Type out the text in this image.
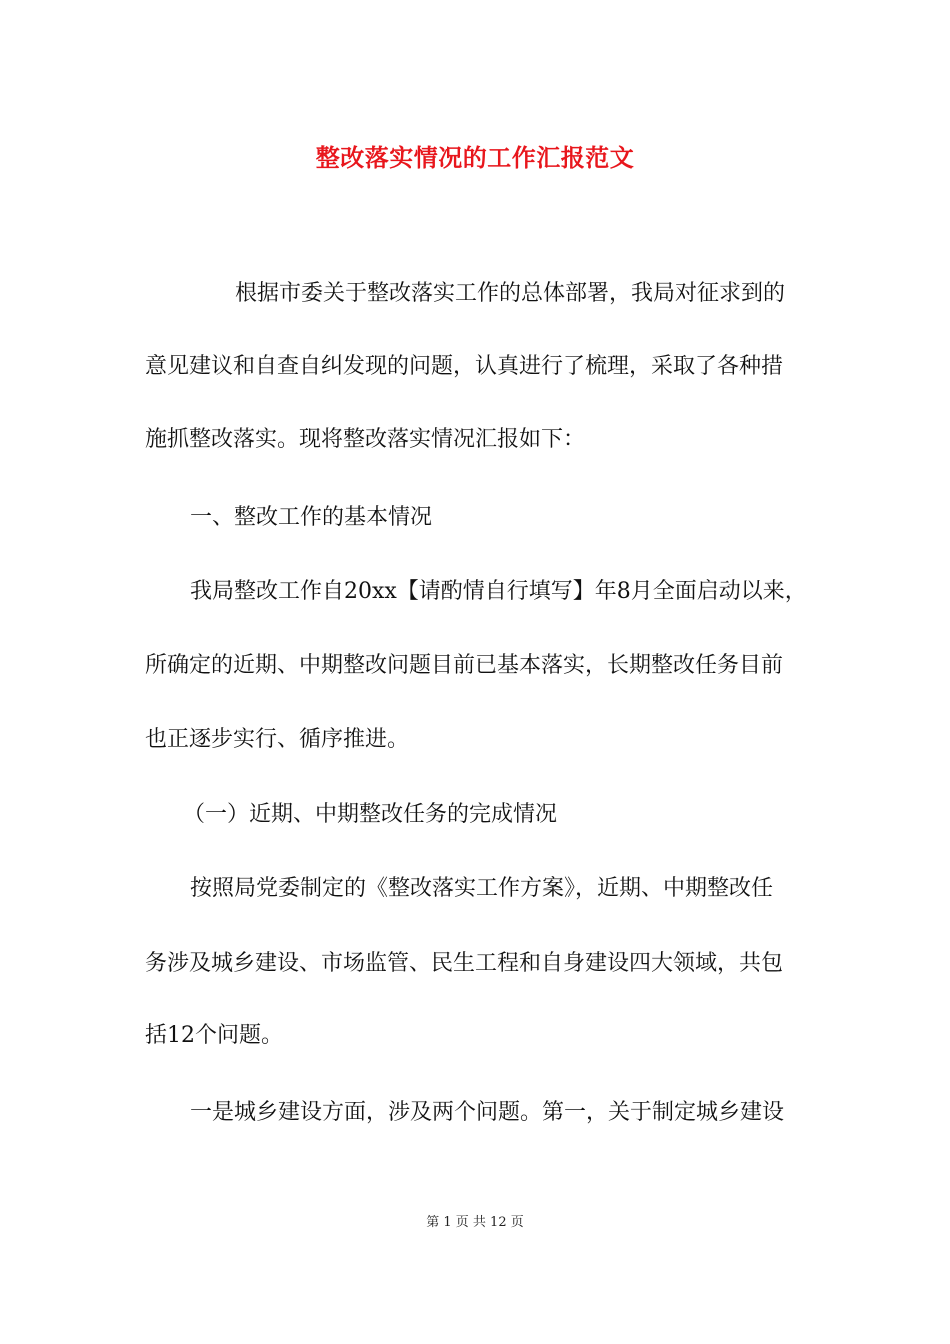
整改落实情况的工作汇报范文
根据市委关于整改落实工作的总体部署，我局对征求到的
意见建议和自查自纠发现的问题，认真进行了梳理，采取了各种措
施抓整改落实。现将整改落实情况汇报如下：
一、整改工作的基本情况
我局整改工作自20xx【请酌情自行填写】年8月全面启动以来，
所确定的近期、中期整改问题目前已基本落实，长期整改任务目前
也正逐步实行、循序推进。
（一）近期、中期整改任务的完成情况
按照局党委制定的《整改落实工作方案》，近期、中期整改任
务涉及城乡建设、市场监管、民生工程和自身建设四大领域，共包
括12个问题。
一是城乡建设方面，涉及两个问题。第一，关于制定城乡建设
第 1 页 共 12 页
